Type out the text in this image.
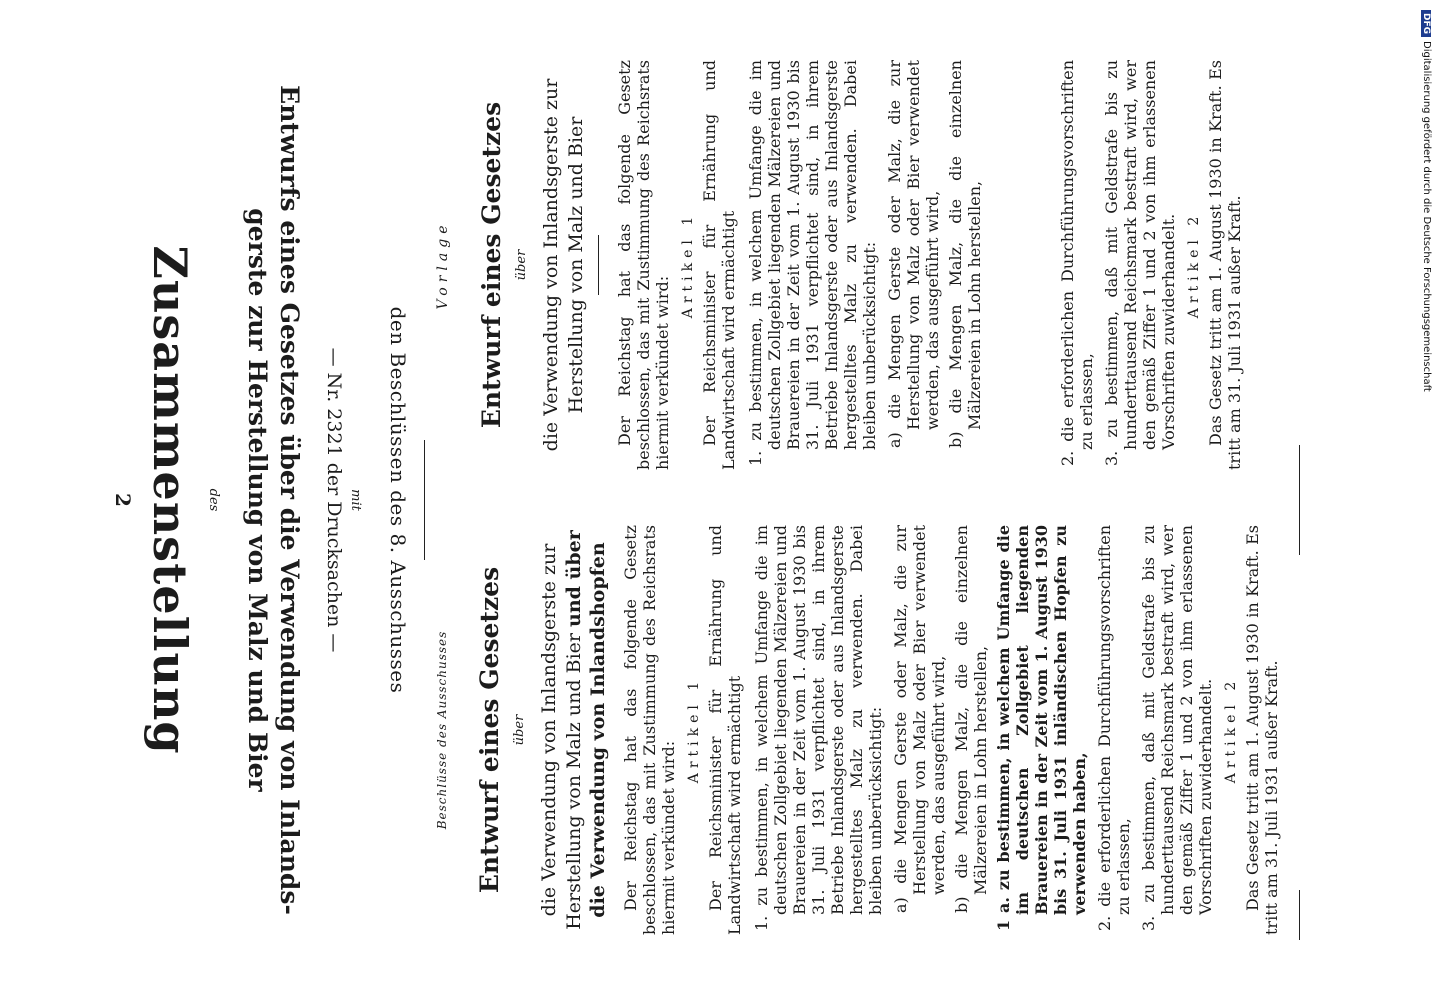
2 Zusammenstellung des	Entwurfs eines Gesetzes über die Verwendung von Inlands-gerste zur Herstellung von Malz und Bier	— Nr. 2321 der Drucksachen — mit den Beschlüssen des 8. Ausschusses
Vorlage Entwurf eines Gesetzes über die Verwendung von Inlandsgerste zur Herstellung von Malz und Bier Der Reichstag hat das folgende Gesetz beschlossen, das mit Zustimmung des Reichsrats hiermit verkündet wird:
Artikel 1 Der Reichsminister für Ernährung und Landwirtschaft wird ermächtigt 1. zu bestimmen, in welchem Umfange die im deutschen Zollgebiet liegenden Mälzereien und Brauereien in der Zeit vom 1. August 1930 bis 31. Juli 1931 verpflichtet sind, in ihrem Betriebe Inlandsgerste oder aus Inlandsgerste hergestelltes Malz zu verwenden. Dabei bleiben unberücksichtigt: a) die Mengen Gerste oder Malz, die zur Herstellung von Malz oder Bier verwendet werden, das ausgeführt wird, b) die Mengen Malz, die die einzelnen Mälzereien in Lohn herstellen,	2. die erforderlichen Durchführungsvorschriften zu erlassen, 3. zu bestimmen, daß mit Geldstrafe bis zu hunderttausend Reichsmark bestraft wird, wer den gemäß Ziffer 1 und 2 von ihm erlassenen Vorschriften zuwiderhandelt. Artikel 2 Das Gesetz tritt am 1. August 1930 in Kraft. Es tritt am 31. Juli 1931 außer Kraft.
Beschlüsse des Ausschusses Entwurf eines Gesetzes über die Verwendung von Inlandsgerste zur Herstellung von Malz und Bier und über die Verwendung von Inlandshopfen Der Reichstag hat das folgende Gesetz beschlossen, das mit Zustimmung des Reichsrats hiermit verkündet wird:
Artikel 1 Der Reichsminister für Ernährung und Landwirtschaft wird ermächtigt 1. zu bestimmen, in welchem Umfange die im deutschen Zollgebiet liegenden Mälzereien und Brauereien in der Zeit vom 1. August 1930 bis 31. Juli 1931 verpflichtet sind, in ihrem Betriebe Inlandsgerste oder aus Inlandsgerste hergestelltes Malz zu verwenden. Dabei bleiben unberücksichtigt: a) die Mengen Gerste oder Malz, die zur Herstellung von Malz oder Bier verwendet werden, das ausgeführt wird, b) die Mengen Malz, die die einzelnen Mälzereien in Lohn herstellen, 1 a. zu bestimmen, in welchem Umfange die im deutschen Zollgebiet liegenden Brauereien in der Zeit vom 1. August 1930 bis 31. Juli 1931 inländischen Hopfen zu verwenden haben, 2. die erforderlichen Durchführungsvorschriften zu erlassen, 3. zu bestimmen, daß mit Geldstrafe bis zu hunderttausend Reichsmark bestraft wird, wer den gemäß Ziffer 1 und 2 von ihm erlassenen Vorschriften zuwiderhandelt. Artikel 2 Das Gesetz tritt am 1. August 1930 in Kraft. Es tritt am 31. Juli 1931 außer Kraft.
DFGDigitalisierung gefördert durch die Deutsche Forschungsgemeinschaft
